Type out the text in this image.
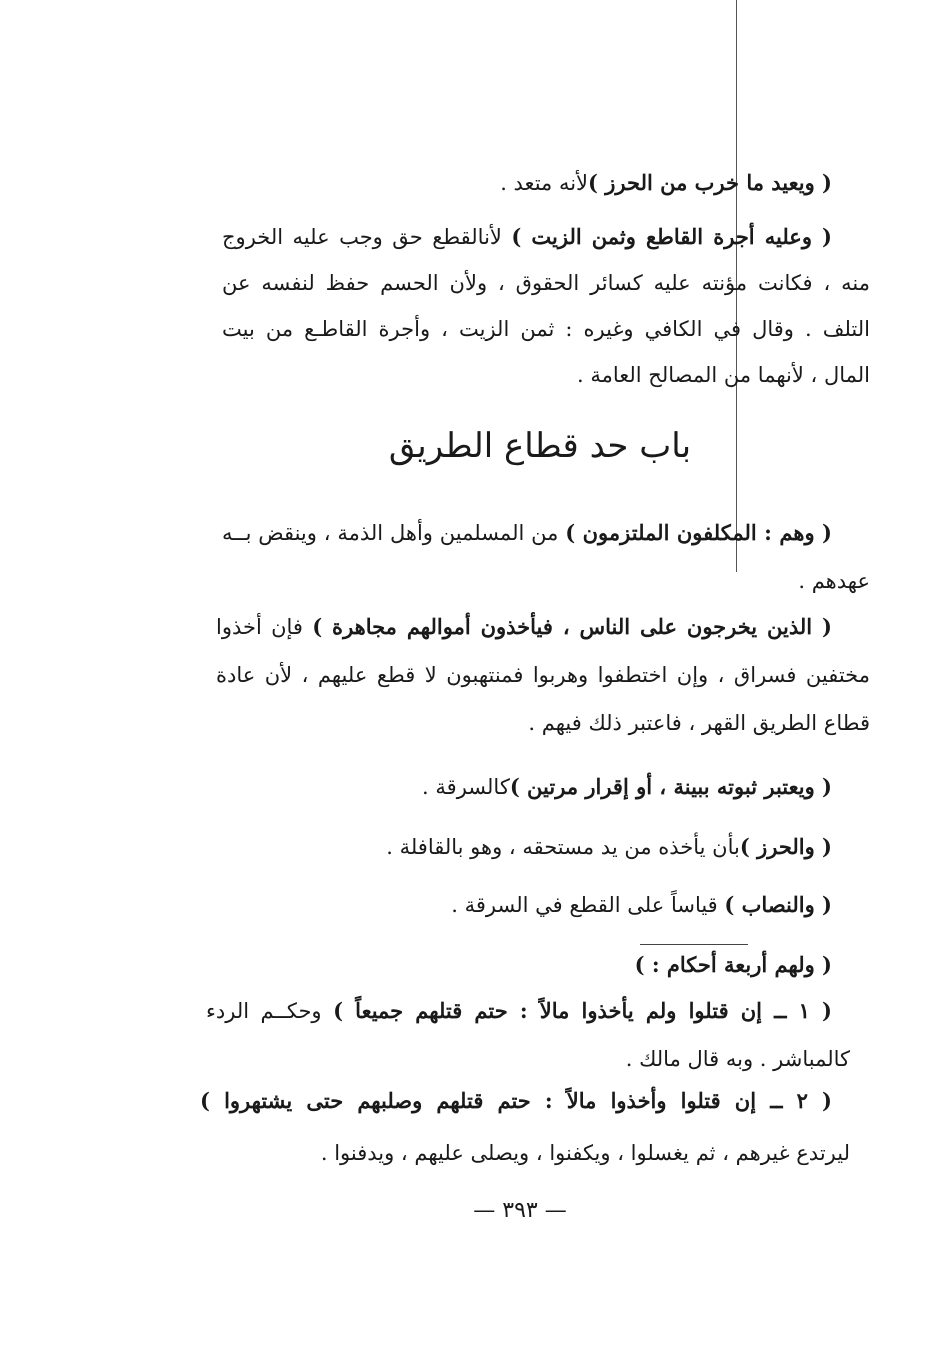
( ويعيد ما خرب من الحرز )لأنه متعد .
( وعليه أجرة القاطع وثمن الزيت ) لأنالقطع حق وجب عليه الخروج
منه ، فكانت مؤنته عليه كسائر الحقوق ، ولأن الحسم حفظ لنفسه عن
التلف . وقال في الكافي وغيره : ثمن الزيت ، وأجرة القاطـع من بيت
المال ، لأنهما من المصالح العامة .
باب حد قطاع الطريق
( وهم : المكلفون الملتزمون ) من المسلمين وأهل الذمة ، وينقض بــه
عهدهم .
( الذين يخرجون على الناس ، فيأخذون أموالهم مجاهرة ) فإن أخذوا
مختفين فسراق ، وإن اختطفوا وهربوا فمنتهبون لا قطع عليهم ، لأن عادة
قطاع الطريق القهر ، فاعتبر ذلك فيهم .
( ويعتبر ثبوته ببينة ، أو إقرار مرتين )كالسرقة .
( والحرز )بأن يأخذه من يد مستحقه ، وهو بالقافلة .
( والنصاب ) قياساً على القطع في السرقة .
( ولهم أربعة أحكام : )
( ١ ــ إن قتلوا ولم يأخذوا مالاً : حتم قتلهم جميعاً ) وحكــم الردء
كالمباشر . وبه قال مالك .
( ٢ ــ إن قتلوا وأخذوا مالاً : حتم قتلهم وصلبهم حتى يشتهروا )
ليرتدع غيرهم ، ثم يغسلوا ، ويكفنوا ، ويصلى عليهم ، ويدفنوا .
— ٣٩٣ —
